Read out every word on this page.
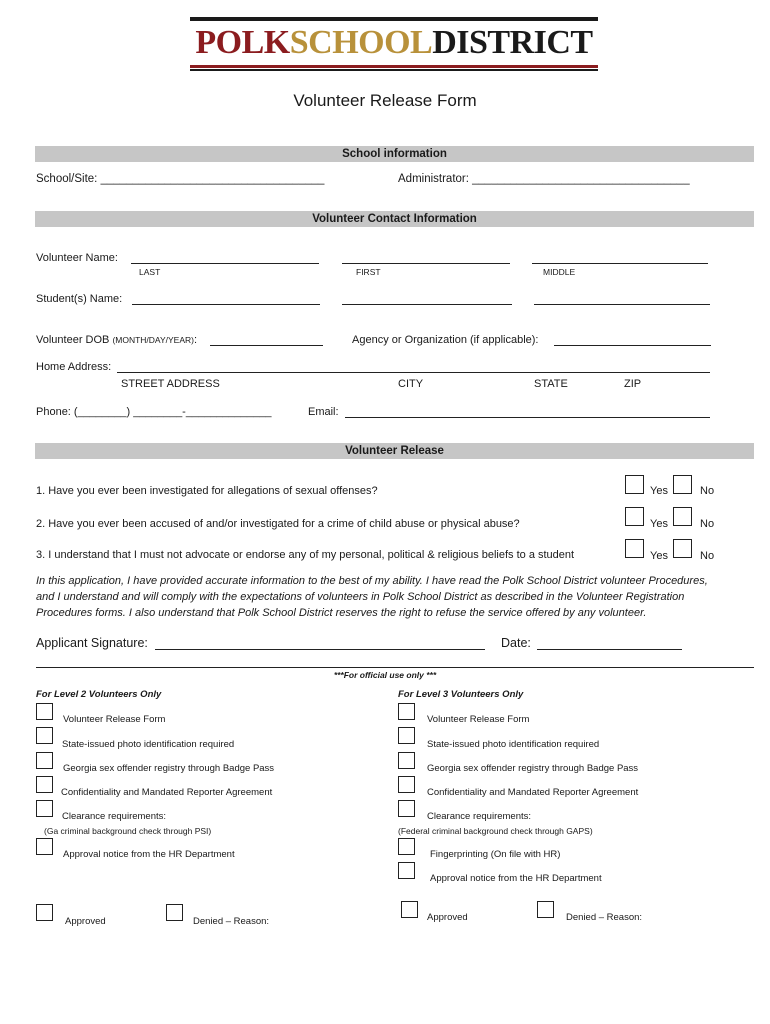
POLKSCHOOLDISTRICT
Volunteer Release Form
School information
School/Site: ___________________________________	Administrator: __________________________________
Volunteer Contact Information
Volunteer Name:
LAST	FIRST	MIDDLE
Student(s) Name:
Volunteer DOB (MONTH/DAY/YEAR):	Agency or Organization (if applicable):
Home Address:
STREET ADDRESS	CITY	STATE	ZIP
Phone: (________) ________-______________	Email:
Volunteer Release
1. Have you ever been investigated for allegations of sexual offenses?
2. Have you ever been accused of and/or investigated for a crime of child abuse or physical abuse?
3. I understand that I must not advocate or endorse any of my personal, political & religious beliefs to a student
Yes	No
Yes	No
Yes	No
In this application, I have provided accurate information to the best of my ability. I have read the Polk School District volunteer Procedures,
and I understand and will comply with the expectations of volunteers in Polk School District as described in the Volunteer Registration
Procedures forms. I also understand that Polk School District reserves the right to refuse the service offered by any volunteer.
Applicant Signature:	Date:
***For official use only ***
For Level 2 Volunteers Only	For Level 3 Volunteers Only
Volunteer Release Form
State-issued photo identification required
Georgia sex offender registry through Badge Pass
Confidentiality and Mandated Reporter Agreement
Clearance requirements:
(Ga criminal background check through PSI)
Approval notice from the HR Department
Approved	Denied – Reason:
Volunteer Release Form
State-issued photo identification required
Georgia sex offender registry through Badge Pass
Confidentiality and Mandated Reporter Agreement
Clearance requirements:
(Federal criminal background check through GAPS)
Fingerprinting (On file with HR)
Approval notice from the HR Department
Approved	Denied – Reason:
